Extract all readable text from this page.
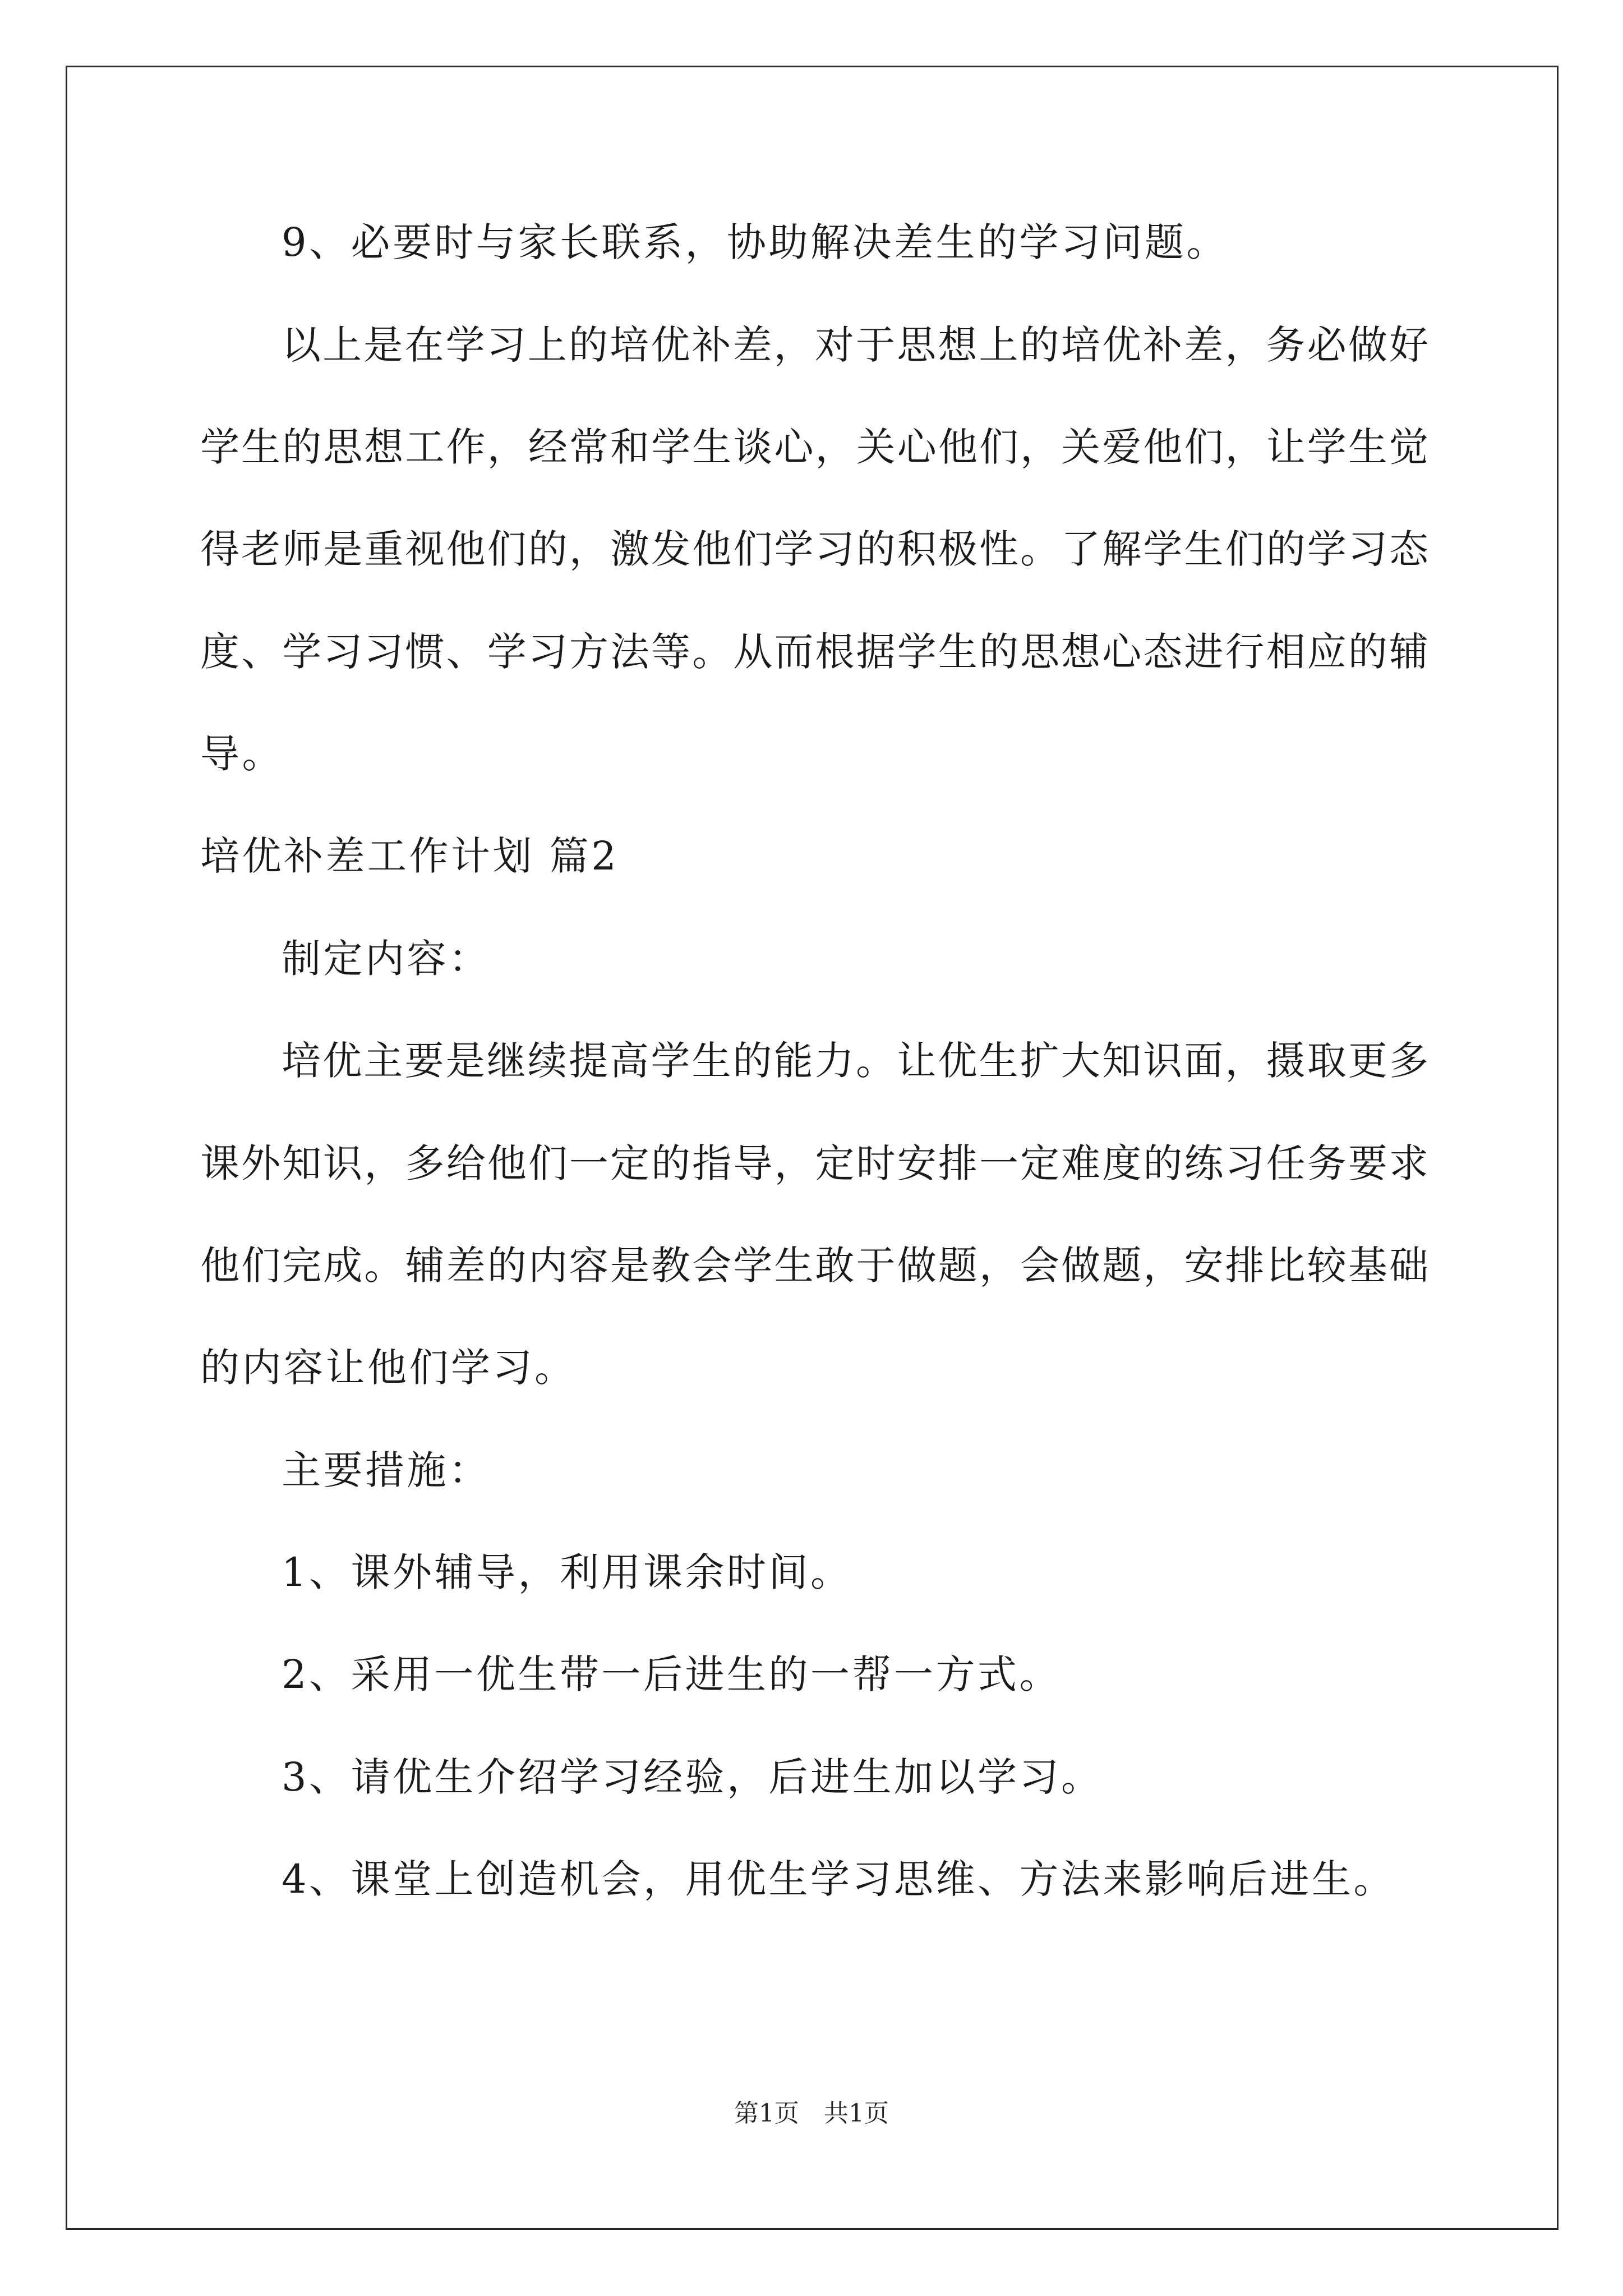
9、必要时与家长联系，协助解决差生的学习问题。
以上是在学习上的培优补差，对于思想上的培优补差，务必做好
学生的思想工作，经常和学生谈心，关心他们，关爱他们，让学生觉
得老师是重视他们的，激发他们学习的积极性。了解学生们的学习态
度、学习习惯、学习方法等。从而根据学生的思想心态进行相应的辅
导。
培优补差工作计划 篇2
制定内容：
培优主要是继续提高学生的能力。让优生扩大知识面，摄取更多
课外知识，多给他们一定的指导，定时安排一定难度的练习任务要求
他们完成。辅差的内容是教会学生敢于做题，会做题，安排比较基础
的内容让他们学习。
主要措施：
1、课外辅导，利用课余时间。
2、采用一优生带一后进生的一帮一方式。
3、请优生介绍学习经验，后进生加以学习。
4、课堂上创造机会，用优生学习思维、方法来影响后进生。
第1页　共1页
